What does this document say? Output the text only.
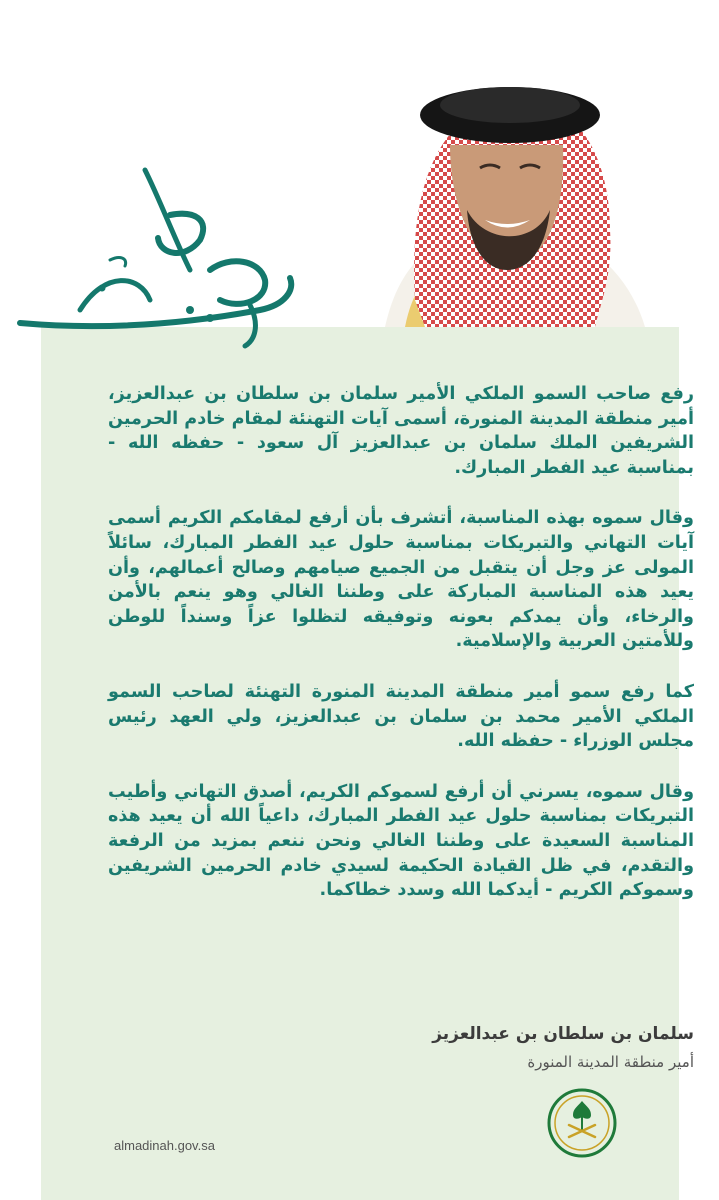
رفع صاحب السمو الملكي الأمير سلمان بن سلطان بن عبدالعزيز، أمير منطقة المدينة المنورة، أسمى آيات التهنئة لمقام خادم الحرمين الشريفين الملك سلمان بن عبدالعزيز آل سعود - حفظه الله - بمناسبة عيد الفطر المبارك.

وقال سموه بهذه المناسبة، أتشرف بأن أرفع لمقامكم الكريم أسمى آيات التهاني والتبريكات بمناسبة حلول عيد الفطر المبارك، سائلاً المولى عز وجل أن يتقبل من الجميع صيامهم وصالح أعمالهم، وأن يعيد هذه المناسبة المباركة على وطننا الغالي وهو ينعم بالأمن والرخاء، وأن يمدكم بعونه وتوفيقه لتظلوا عزاً وسنداً للوطن وللأمتين العربية والإسلامية.

كما رفع سمو أمير منطقة المدينة المنورة التهنئة لصاحب السمو الملكي الأمير محمد بن سلمان بن عبدالعزيز، ولي العهد رئيس مجلس الوزراء - حفظه الله.

وقال سموه، يسرني أن أرفع لسموكم الكريم، أصدق التهاني وأطيب التبريكات بمناسبة حلول عيد الفطر المبارك، داعياً الله أن يعيد هذه المناسبة السعيدة على وطننا الغالي ونحن ننعم بمزيد من الرفعة والتقدم، في ظل القيادة الحكيمة لسيدي خادم الحرمين الشريفين وسموكم الكريم - أيدكما الله وسدد خطاكما.

سلمان بن سلطان بن عبدالعزيز
أمير منطقة المدينة المنورة
almadinah.gov.sa
